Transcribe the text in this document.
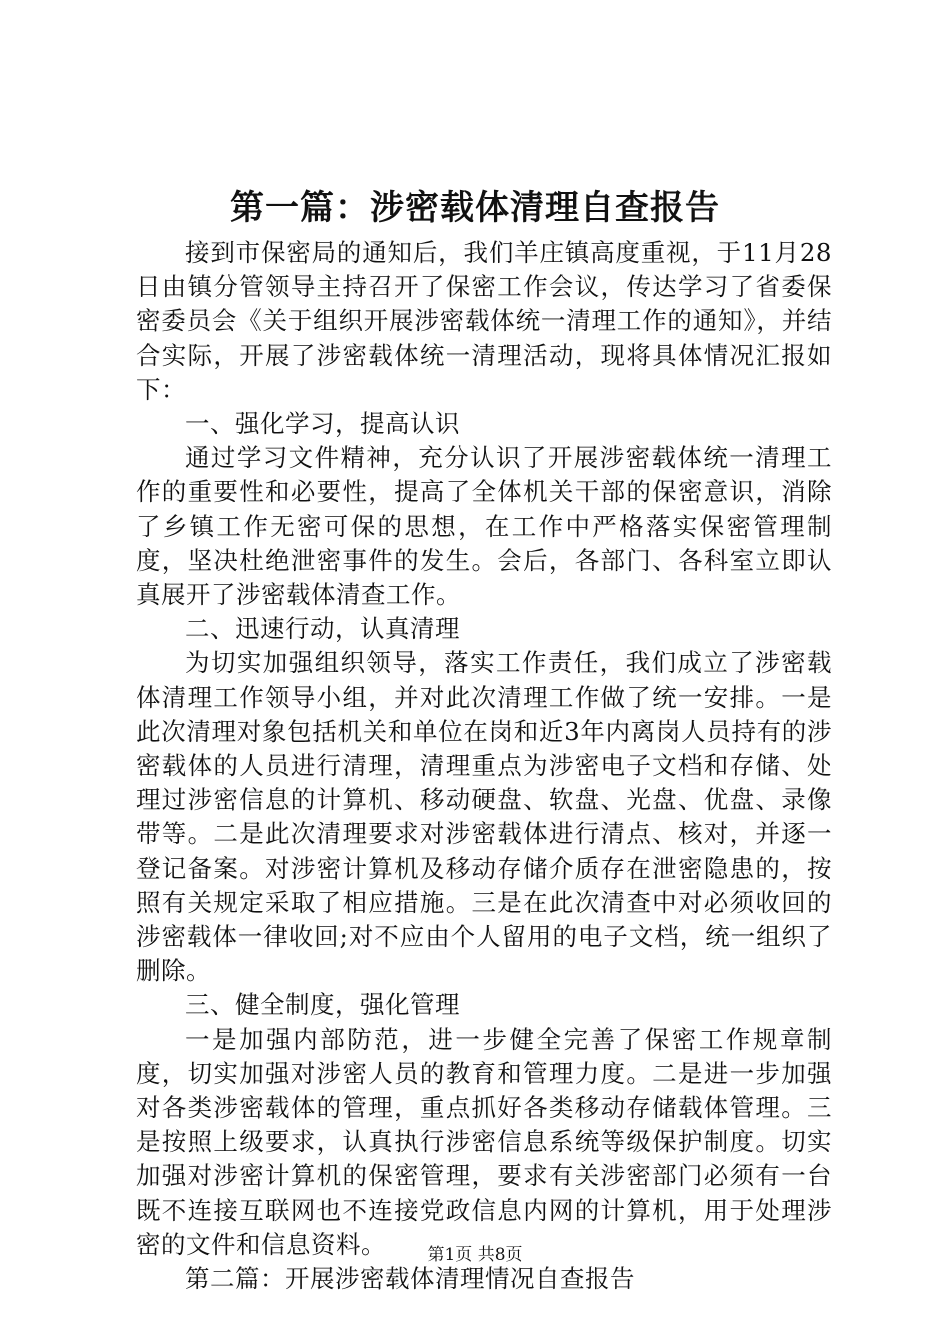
第一篇：涉密载体清理自查报告

接到市保密局的通知后，我们羊庄镇高度重视，于11月28日由镇分管领导主持召开了保密工作会议，传达学习了省委保密委员会《关于组织开展涉密载体统一清理工作的通知》，并结合实际，开展了涉密载体统一清理活动，现将具体情况汇报如下：

一、强化学习，提高认识

通过学习文件精神，充分认识了开展涉密载体统一清理工作的重要性和必要性，提高了全体机关干部的保密意识，消除了乡镇工作无密可保的思想，在工作中严格落实保密管理制度，坚决杜绝泄密事件的发生。会后，各部门、各科室立即认真展开了涉密载体清查工作。

二、迅速行动，认真清理

为切实加强组织领导，落实工作责任，我们成立了涉密载体清理工作领导小组，并对此次清理工作做了统一安排。一是此次清理对象包括机关和单位在岗和近3年内离岗人员持有的涉密载体的人员进行清理，清理重点为涉密电子文档和存储、处理过涉密信息的计算机、移动硬盘、软盘、光盘、优盘、录像带等。二是此次清理要求对涉密载体进行清点、核对，并逐一登记备案。对涉密计算机及移动存储介质存在泄密隐患的，按照有关规定采取了相应措施。三是在此次清查中对必须收回的涉密载体一律收回;对不应由个人留用的电子文档，统一组织了删除。

三、健全制度，强化管理

一是加强内部防范，进一步健全完善了保密工作规章制度，切实加强对涉密人员的教育和管理力度。二是进一步加强对各类涉密载体的管理，重点抓好各类移动存储载体管理。三是按照上级要求，认真执行涉密信息系统等级保护制度。切实加强对涉密计算机的保密管理，要求有关涉密部门必须有一台既不连接互联网也不连接党政信息内网的计算机，用于处理涉密的文件和信息资料。

第二篇：开展涉密载体清理情况自查报告

第1页 共8页
